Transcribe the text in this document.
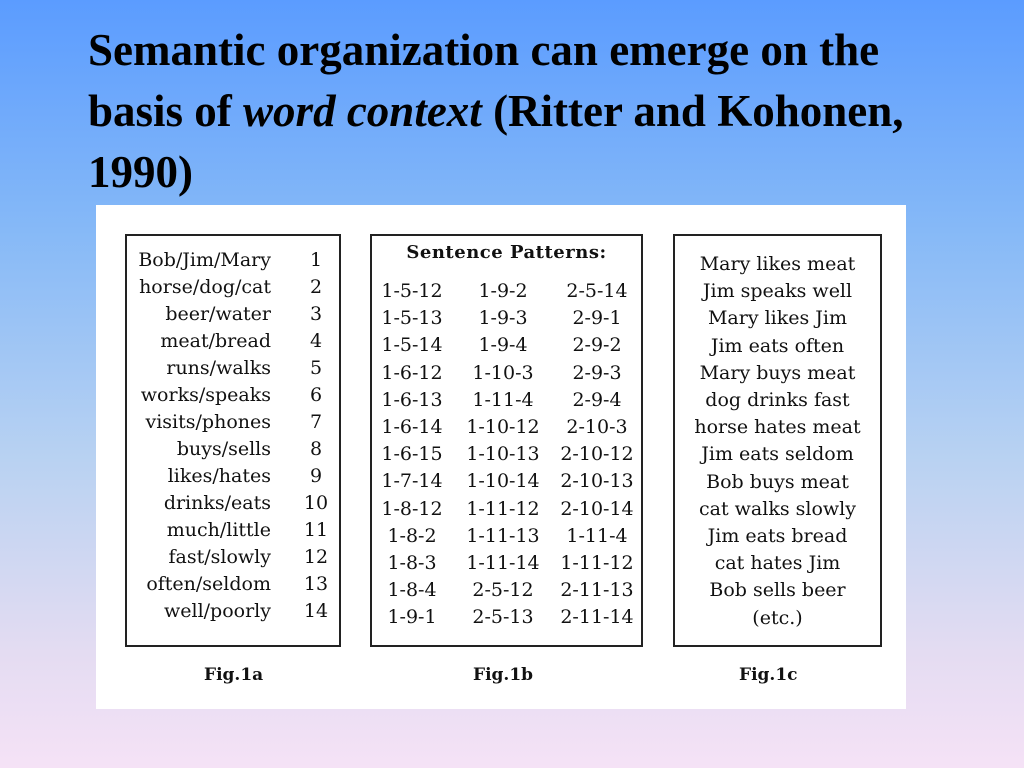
Semantic organization can emerge on the basis of word context (Ritter and Kohonen, 1990)
Bob/Jim/Mary	1
horse/dog/cat	2
beer/water	3
meat/bread	4
runs/walks	5
works/speaks	6
visits/phones	7
buys/sells	8
likes/hates	9
drinks/eats 10
much/little 11
fast/slowly 12
often/seldom 13
well/poorly 14
Sentence Patterns:
1-5-12	1-9-2	2-5-14
1-5-13	1-9-3	2-9-1
1-5-14	1-9-4	2-9-2
1-6-12	1-10-3	2-9-3
1-6-13	1-11-4	2-9-4
1-6-14	1-10-12	2-10-3
1-6-15	1-10-13 2-10-12
1-7-14	1-10-14 2-10-13
1-8-12	1-11-12 2-10-14
1-8-2	1-11-13	1-11-4
1-8-3	1-11-14 1-11-12
1-8-4	2-5-12	2-11-13
1-9-1	2-5-13	2-11-14
Mary likes meat
Jim speaks well
Mary likes Jim
Jim eats often
Mary buys meat
dog drinks fast
horse hates meat
Jim eats seldom
Bob buys meat
cat walks slowly
Jim eats bread
cat hates Jim
Bob sells beer
(etc.)
Fig.1a	Fig.1b	Fig.1c
